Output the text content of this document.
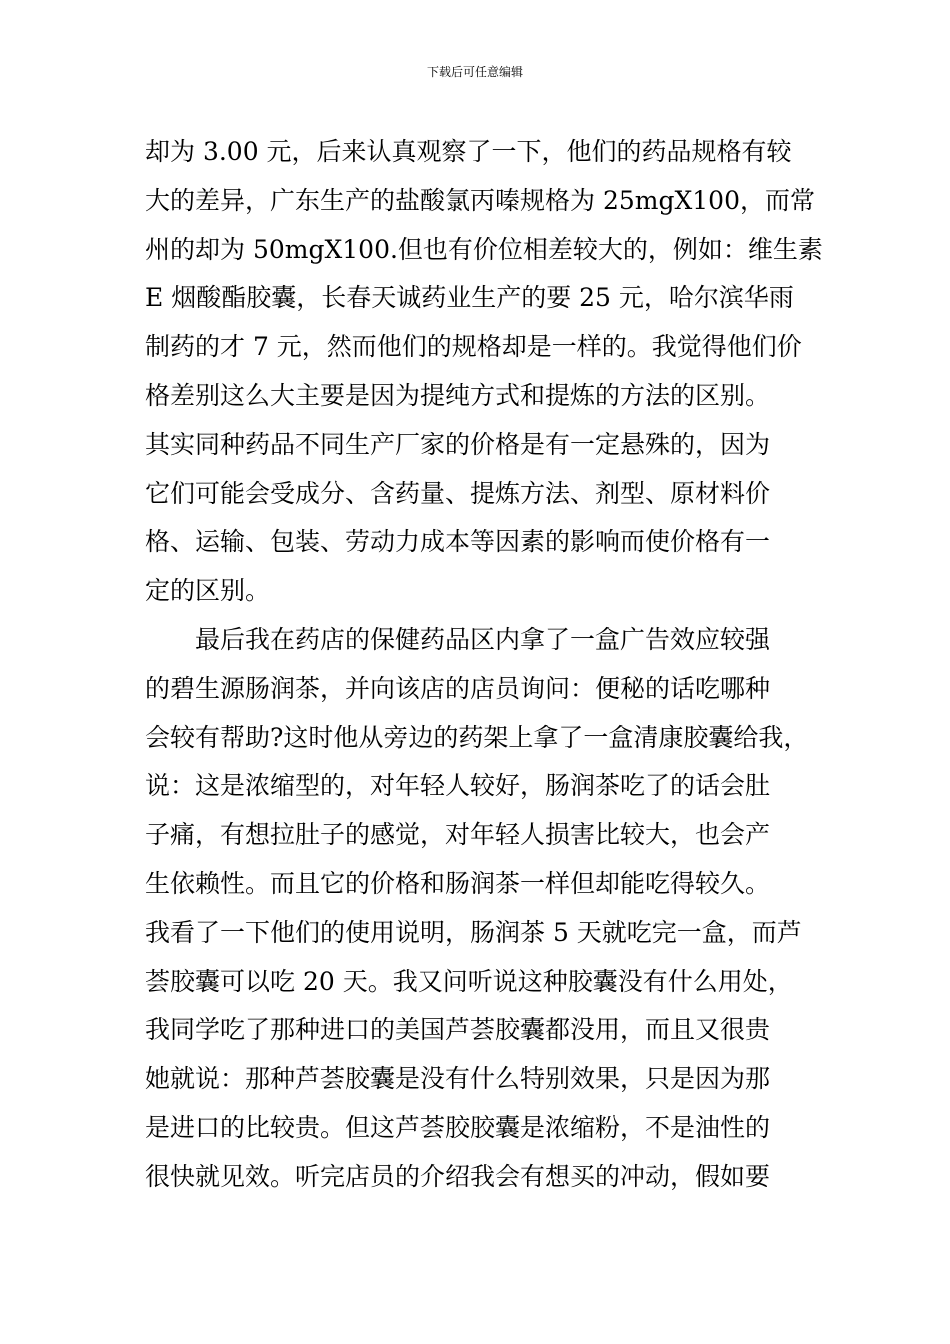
下载后可任意编辑
却为 3.00 元，后来认真观察了一下，他们的药品规格有较
大的差异，广东生产的盐酸氯丙嗪规格为 25mgX100，而常
州的却为 50mgX100.但也有价位相差较大的，例如：维生素
E 烟酸酯胶囊，长春天诚药业生产的要 25 元，哈尔滨华雨
制药的才 7 元，然而他们的规格却是一样的。我觉得他们价
格差别这么大主要是因为提纯方式和提炼的方法的区别。
其实同种药品不同生产厂家的价格是有一定悬殊的，因为
它们可能会受成分、含药量、提炼方法、剂型、原材料价
格、运输、包装、劳动力成本等因素的影响而使价格有一
定的区别。
　　最后我在药店的保健药品区内拿了一盒广告效应较强
的碧生源肠润茶，并向该店的店员询问：便秘的话吃哪种
会较有帮助?这时他从旁边的药架上拿了一盒清康胶囊给我，
说：这是浓缩型的，对年轻人较好，肠润茶吃了的话会肚
子痛，有想拉肚子的感觉，对年轻人损害比较大，也会产
生依赖性。而且它的价格和肠润茶一样但却能吃得较久。
我看了一下他们的使用说明，肠润茶 5 天就吃完一盒，而芦
荟胶囊可以吃 20 天。我又问听说这种胶囊没有什么用处，
我同学吃了那种进口的美国芦荟胶囊都没用，而且又很贵
她就说：那种芦荟胶囊是没有什么特别效果，只是因为那
是进口的比较贵。但这芦荟胶胶囊是浓缩粉，不是油性的
很快就见效。听完店员的介绍我会有想买的冲动，假如要
